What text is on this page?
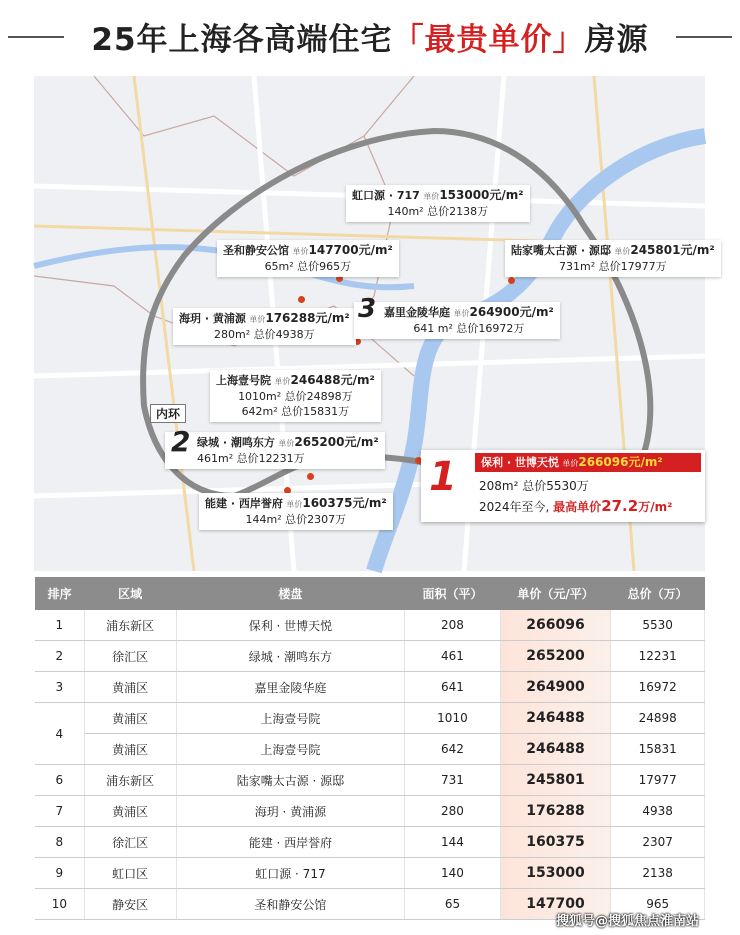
25年上海各高端住宅「最贵单价」房源
内环
虹口源 · 717 单价153000元/m²
140m² 总价2138万
圣和静安公馆 单价147700元/m²
65m² 总价965万
陆家嘴太古源 · 源邸 单价245801元/m²
731m² 总价17977万
海玥 · 黄浦源 单价176288元/m²
280m² 总价4938万
3 嘉里金陵华庭 单价264900元/m²
641 m² 总价16972万
上海壹号院 单价246488元/m²
1010m² 总价24898万
642m² 总价15831万
2 绿城 · 潮鸣东方 单价265200元/m²
461m² 总价12231万
能建 · 西岸誉府 单价160375元/m²
144m² 总价2307万
1	保利 · 世博天悦 单价266096元/m²
208m² 总价5530万
2024年至今, 最高单价27.2万/m²
排序	区域	楼盘	面积（平）	单价（元/平）	总价（万）
1	浦东新区	保利 · 世博天悦	208	266096	5530
2	徐汇区	绿城 · 潮鸣东方	461	265200	12231
3	黄浦区	嘉里金陵华庭	641	264900	16972
4	黄浦区	上海壹号院	1010	246488	24898
	黄浦区	上海壹号院	642	246488	15831
6	浦东新区	陆家嘴太古源 · 源邸	731	245801	17977
7	黄浦区	海玥 · 黄浦源	280	176288	4938
8	徐汇区	能建 · 西岸誉府	144	160375	2307
9	虹口区	虹口源 · 717	140	153000	2138
10	静安区	圣和静安公馆	65	147700	965
搜狐号@搜狐焦点淮南站
